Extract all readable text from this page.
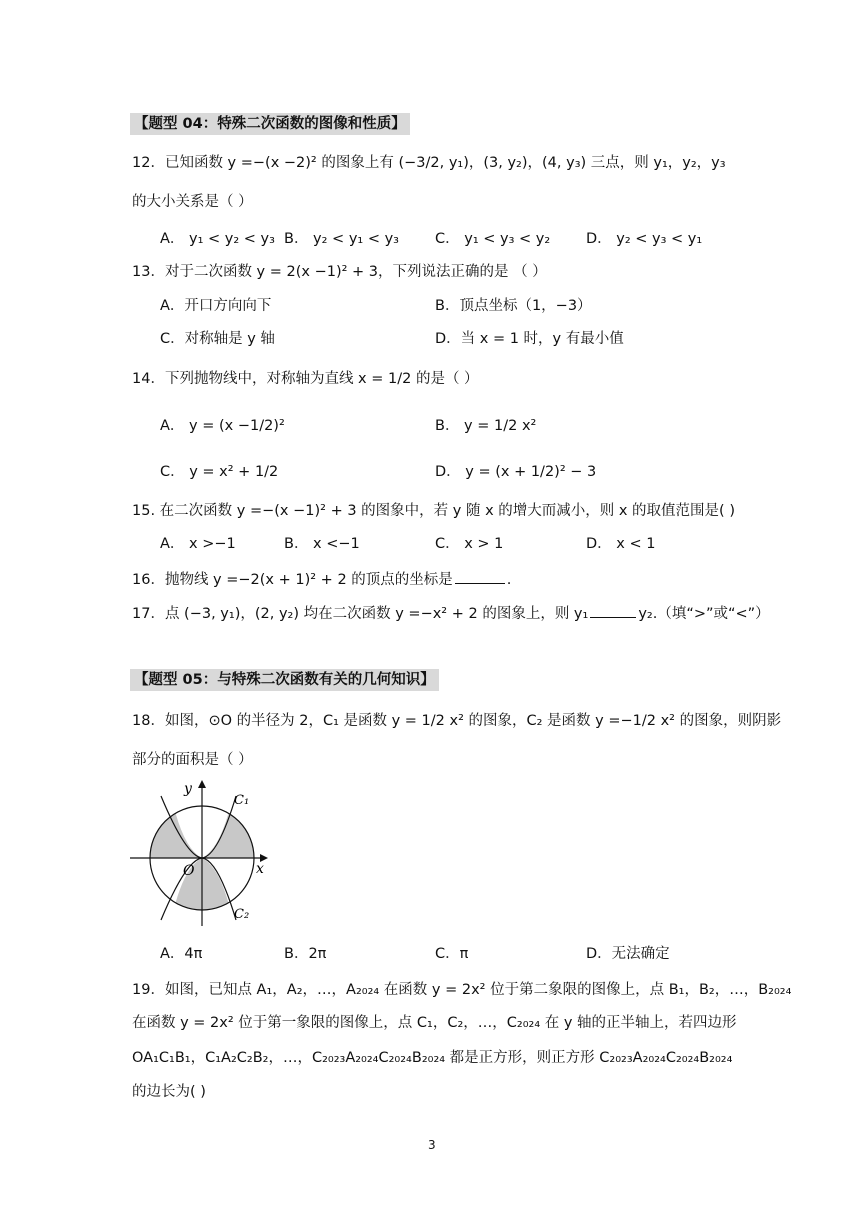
【题型 04：特殊二次函数的图像和性质】
12．已知函数 y =−(x −2)² 的图象上有 (−3/2, y₁)，(3, y₂)，(4, y₃) 三点，则 y₁，y₂，y₃
的大小关系是（ ）
A． y₁ < y₂ < y₃ B． y₂ < y₁ < y₃ C． y₁ < y₃ < y₂ D． y₂ < y₃ < y₁
13．对于二次函数 y = 2(x −1)² + 3，下列说法正确的是 （ ）
A．开口方向向下	B．顶点坐标（1，−3）
C．对称轴是 y 轴	D．当 x = 1 时，y 有最小值
14．下列抛物线中，对称轴为直线 x = 1/2 的是（ ）
A． y = (x −1/2)²	B． y = 1/2 x²
C． y = x² + 1/2	D． y = (x + 1/2)² − 3
15. 在二次函数 y =−(x −1)² + 3 的图象中，若 y 随 x 的增大而减小，则 x 的取值范围是( )
A． x >−1	B． x <−1	C． x > 1	D． x < 1
16．抛物线 y =−2(x + 1)² + 2 的顶点的坐标是	.
17．点 (−3, y₁)，(2, y₂) 均在二次函数 y =−x² + 2 的图象上，则 y₁	y₂.（填“>”或“<”）
【题型 05：与特殊二次函数有关的几何知识】
18．如图，⊙O 的半径为 2，C₁ 是函数 y = 1/2 x² 的图象，C₂ 是函数 y =−1/2 x² 的图象，则阴影
部分的面积是（ ）
y
x
O
C₁
C₂
A．4π	B．2π	C．π	D．无法确定
19．如图，已知点 A₁，A₂，…，A₂₀₂₄ 在函数 y = 2x² 位于第二象限的图像上，点 B₁，B₂，…，B₂₀₂₄
在函数 y = 2x² 位于第一象限的图像上，点 C₁，C₂，…，C₂₀₂₄ 在 y 轴的正半轴上，若四边形
OA₁C₁B₁，C₁A₂C₂B₂，…，C₂₀₂₃A₂₀₂₄C₂₀₂₄B₂₀₂₄ 都是正方形，则正方形 C₂₀₂₃A₂₀₂₄C₂₀₂₄B₂₀₂₄
的边长为( )
3
